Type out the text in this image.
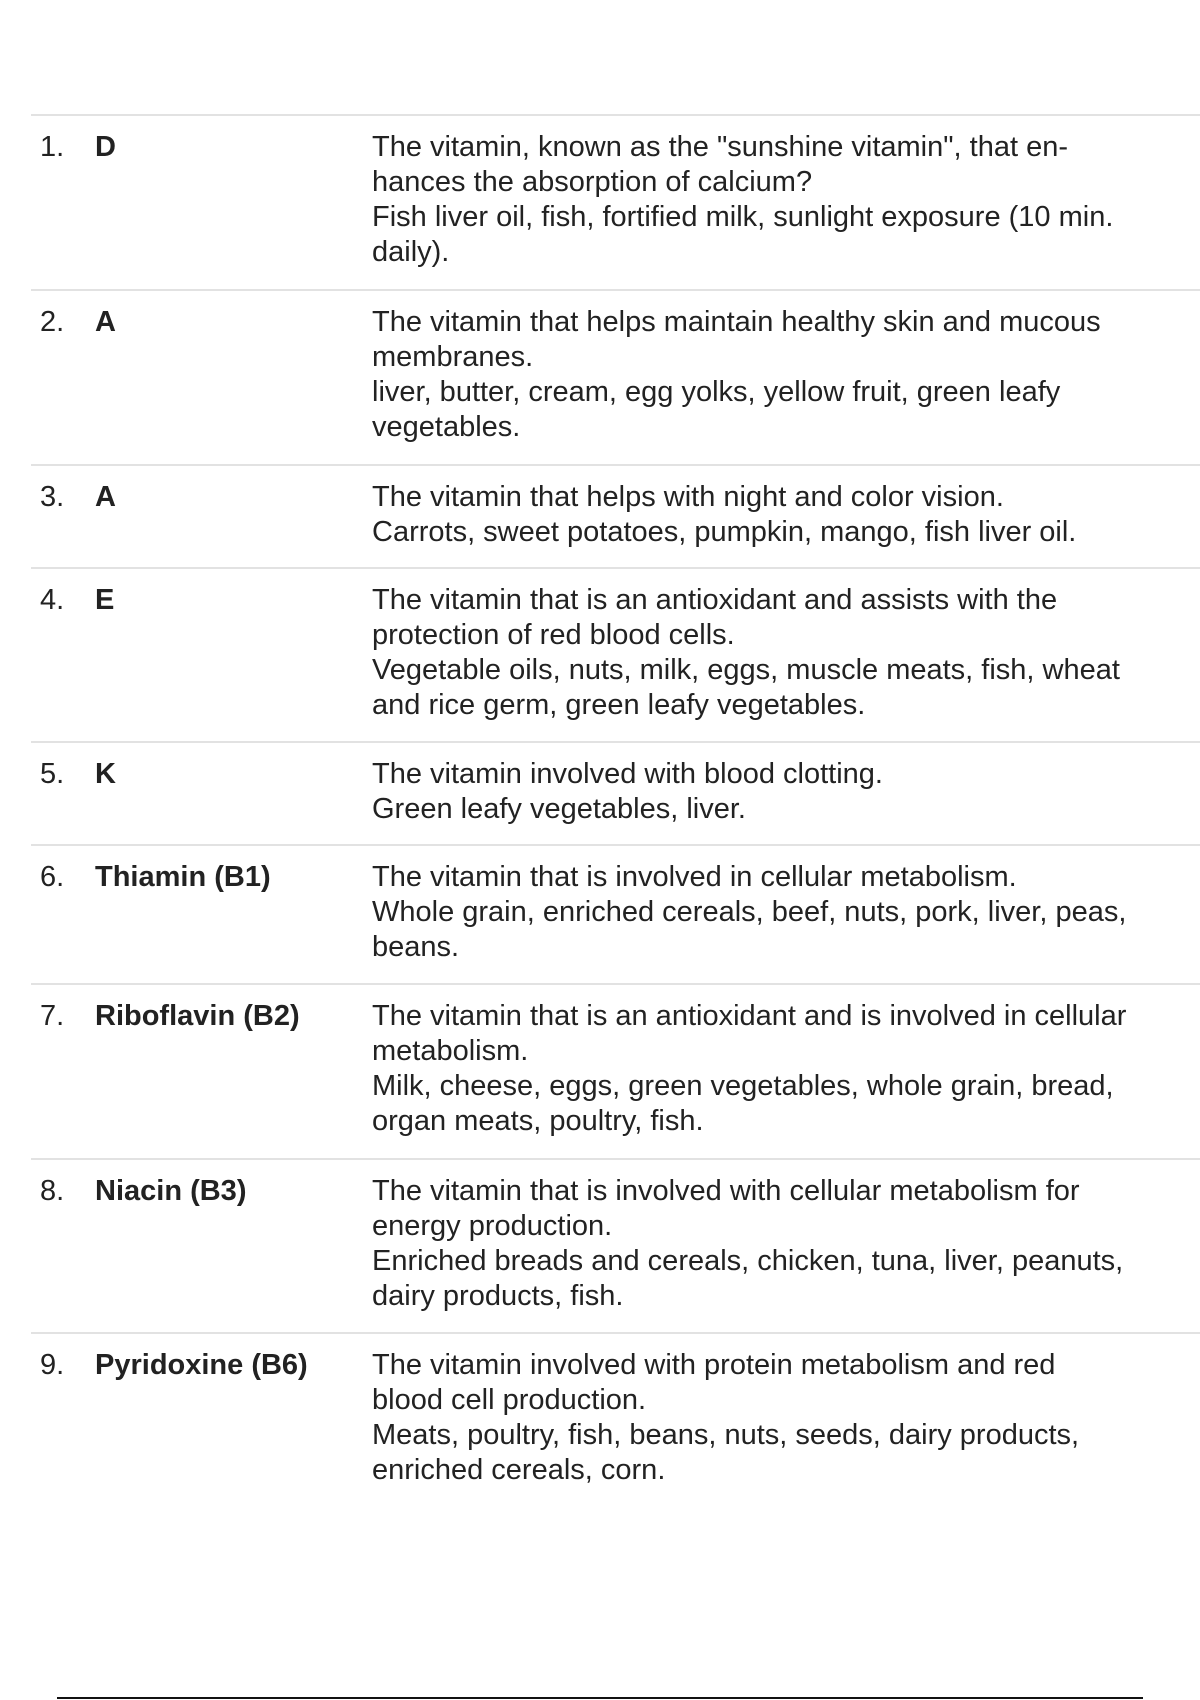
1.	D	The vitamin, known as the "sunshine vitamin", that en-
hances the absorption of calcium?
Fish liver oil, fish, fortified milk, sunlight exposure (10 min.
daily).
2.	A	The vitamin that helps maintain healthy skin and mucous
membranes.
liver, butter, cream, egg yolks, yellow fruit, green leafy
vegetables.
3.	A	The vitamin that helps with night and color vision.
Carrots, sweet potatoes, pumpkin, mango, fish liver oil.
4.	E	The vitamin that is an antioxidant and assists with the
protection of red blood cells.
Vegetable oils, nuts, milk, eggs, muscle meats, fish, wheat
and rice germ, green leafy vegetables.
5.	K	The vitamin involved with blood clotting.
Green leafy vegetables, liver.
6.	Thiamin (B1)	The vitamin that is involved in cellular metabolism.
Whole grain, enriched cereals, beef, nuts, pork, liver, peas,
beans.
7.	Riboflavin (B2)	The vitamin that is an antioxidant and is involved in cellular
metabolism.
Milk, cheese, eggs, green vegetables, whole grain, bread,
organ meats, poultry, fish.
8.	Niacin (B3)	The vitamin that is involved with cellular metabolism for
energy production.
Enriched breads and cereals, chicken, tuna, liver, peanuts,
dairy products, fish.
9.	Pyridoxine (B6)	The vitamin involved with protein metabolism and red
blood cell production.
Meats, poultry, fish, beans, nuts, seeds, dairy products,
enriched cereals, corn.
